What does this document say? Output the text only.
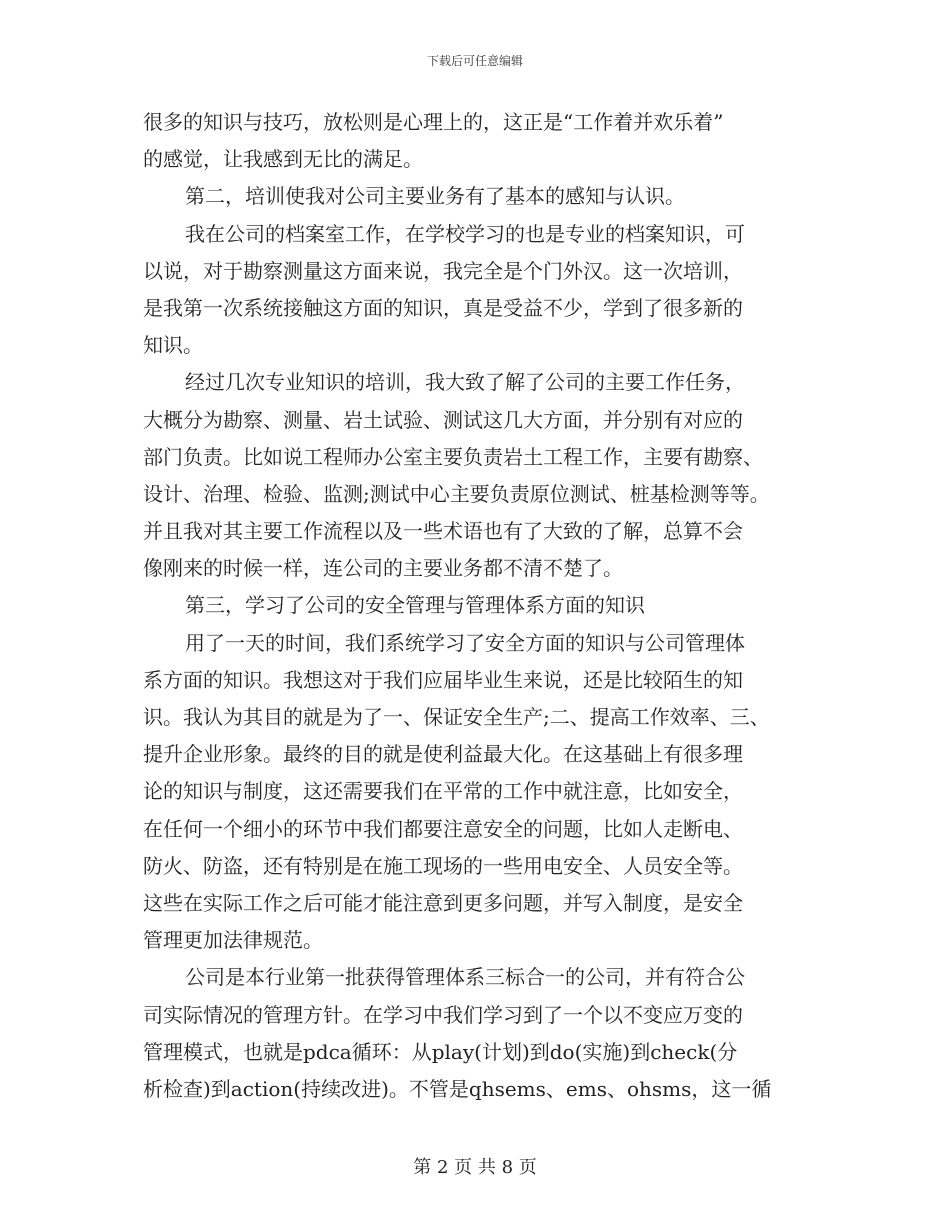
下载后可任意编辑
很多的知识与技巧，放松则是心理上的，这正是“工作着并欢乐着”
的感觉，让我感到无比的满足。
第二，培训使我对公司主要业务有了基本的感知与认识。
我在公司的档案室工作，在学校学习的也是专业的档案知识，可
以说，对于勘察测量这方面来说，我完全是个门外汉。这一次培训，
是我第一次系统接触这方面的知识，真是受益不少，学到了很多新的
知识。
经过几次专业知识的培训，我大致了解了公司的主要工作任务，
大概分为勘察、测量、岩土试验、测试这几大方面，并分别有对应的
部门负责。比如说工程师办公室主要负责岩土工程工作，主要有勘察、
设计、治理、检验、监测;测试中心主要负责原位测试、桩基检测等等。
并且我对其主要工作流程以及一些术语也有了大致的了解，总算不会
像刚来的时候一样，连公司的主要业务都不清不楚了。
第三，学习了公司的安全管理与管理体系方面的知识
用了一天的时间，我们系统学习了安全方面的知识与公司管理体
系方面的知识。我想这对于我们应届毕业生来说，还是比较陌生的知
识。我认为其目的就是为了一、保证安全生产;二、提高工作效率、三、
提升企业形象。最终的目的就是使利益最大化。在这基础上有很多理
论的知识与制度，这还需要我们在平常的工作中就注意，比如安全，
在任何一个细小的环节中我们都要注意安全的问题，比如人走断电、
防火、防盗，还有特别是在施工现场的一些用电安全、人员安全等。
这些在实际工作之后可能才能注意到更多问题，并写入制度，是安全
管理更加法律规范。
公司是本行业第一批获得管理体系三标合一的公司，并有符合公
司实际情况的管理方针。在学习中我们学习到了一个以不变应万变的
管理模式，也就是pdca循环：从play(计划)到do(实施)到check(分
析检查)到action(持续改进)。不管是qhsems、ems、ohsms，这一循
第 2 页 共 8 页
